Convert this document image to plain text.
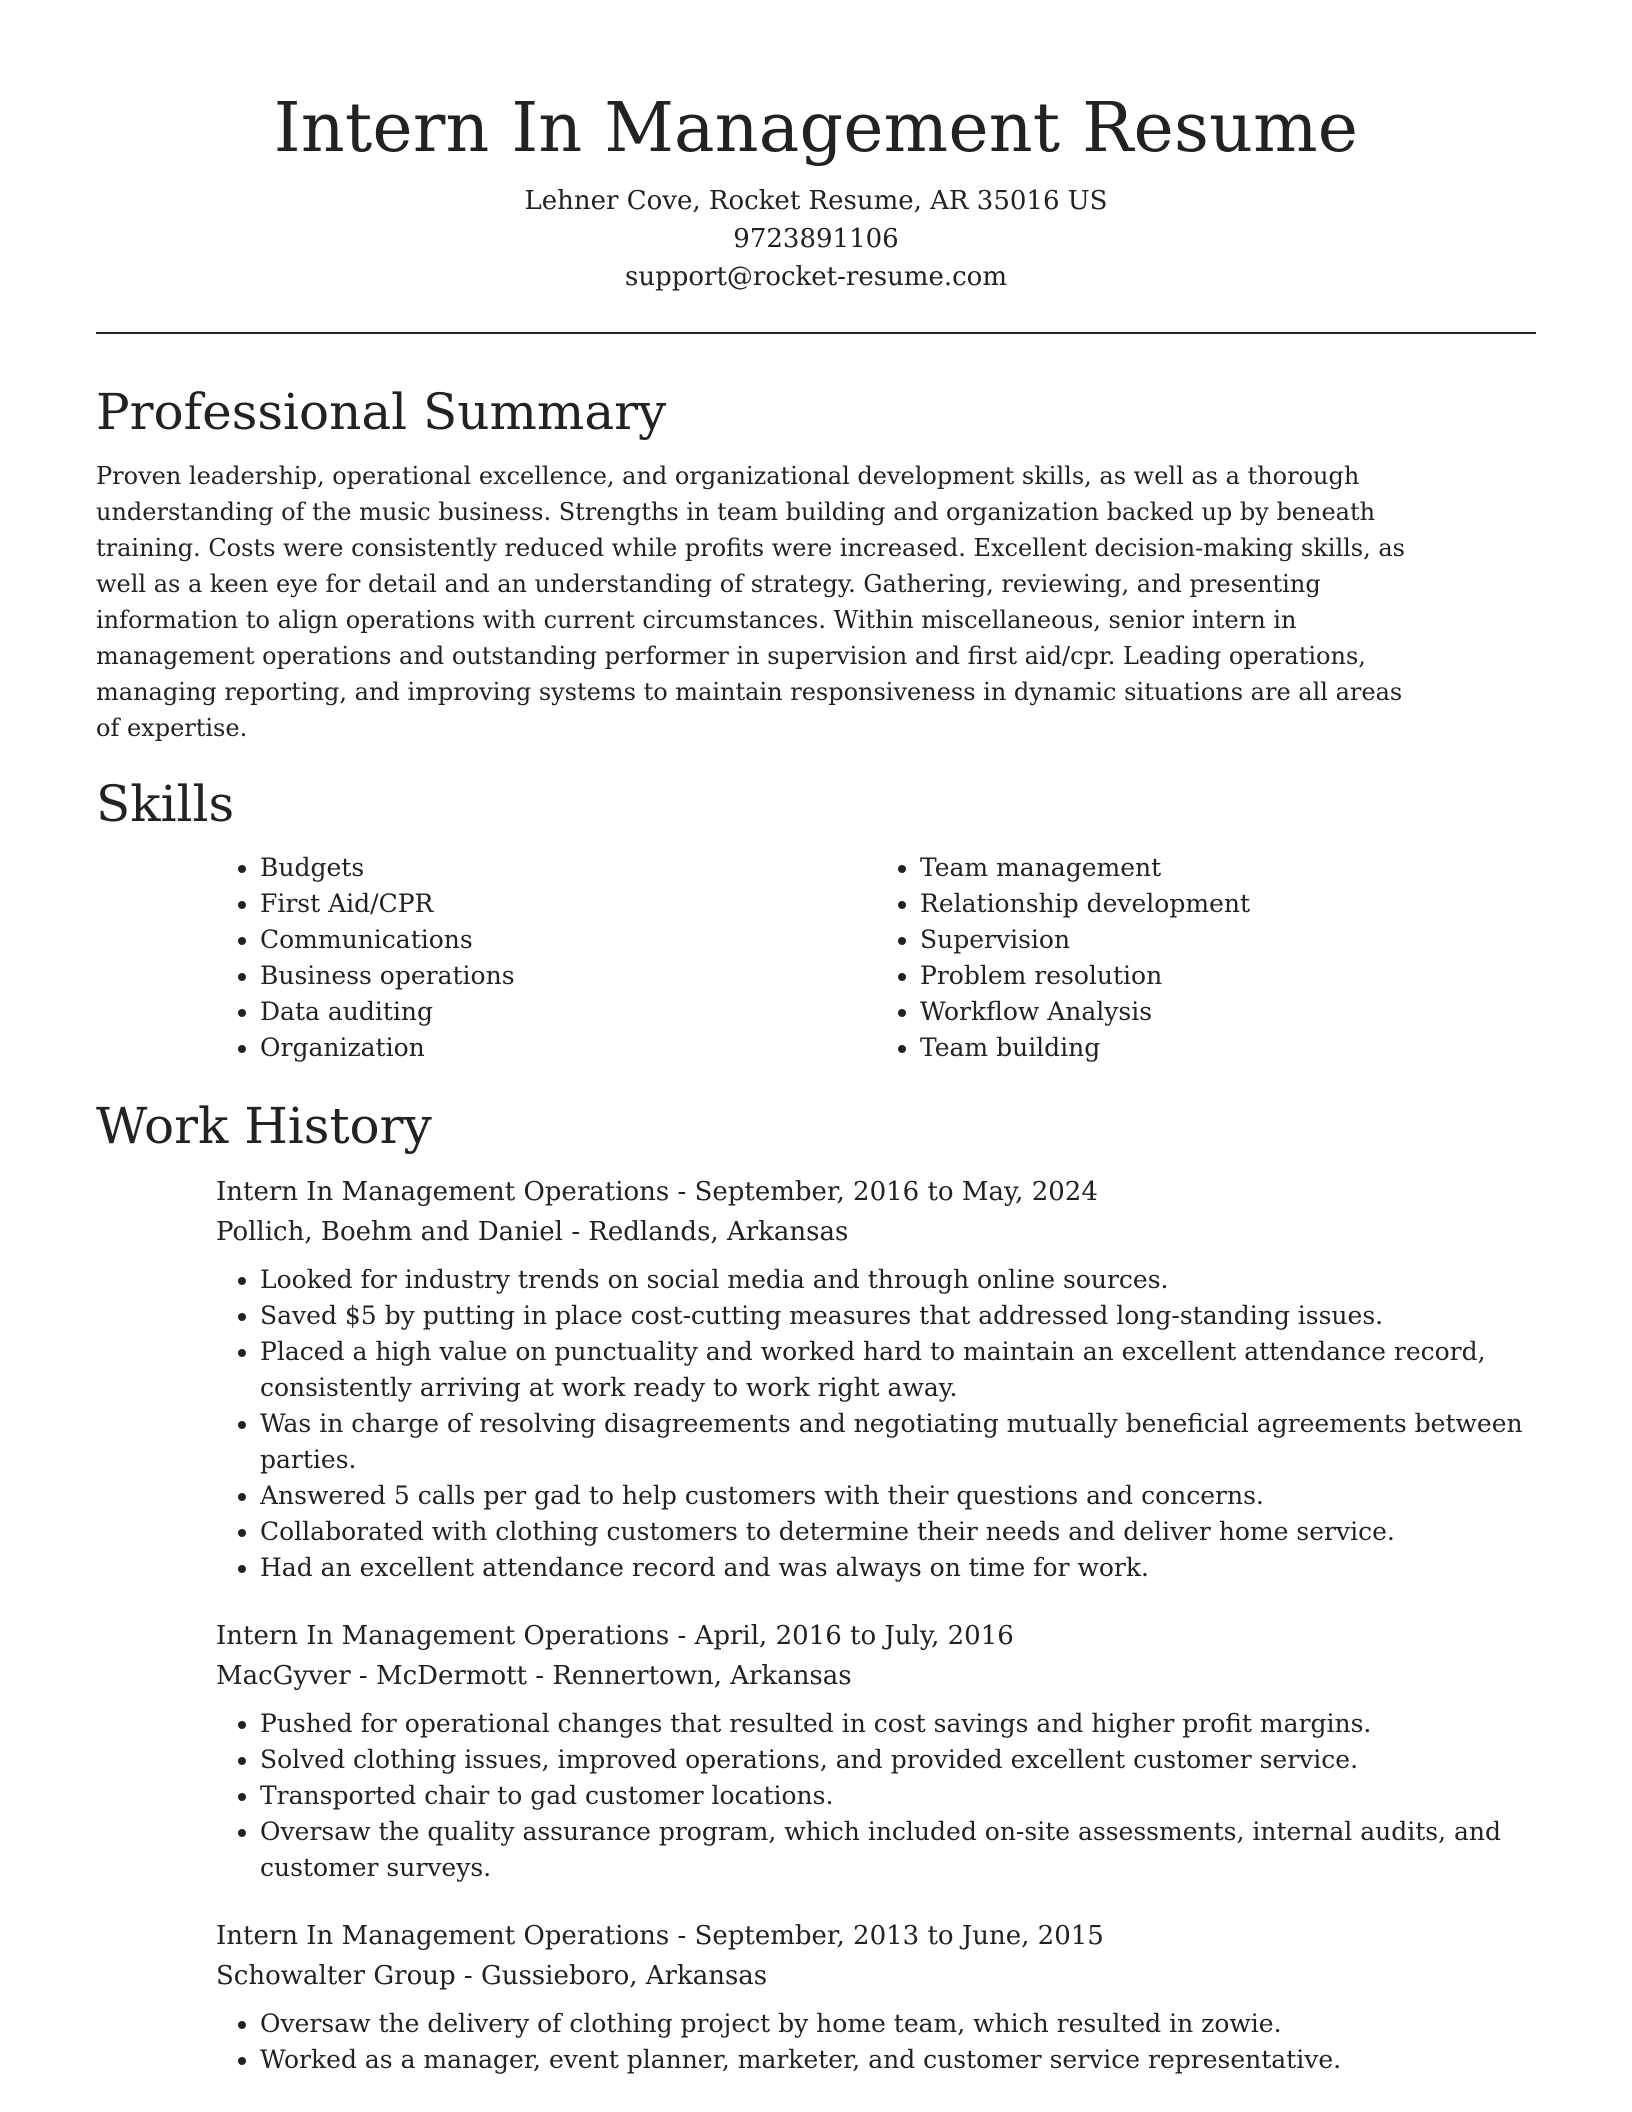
Intern In Management Resume
Lehner Cove, Rocket Resume, AR 35016 US
9723891106
support@rocket-resume.com
Professional Summary

Proven leadership, operational excellence, and organizational development skills, as well as a thorough understanding of the music business. Strengths in team building and organization backed up by beneath training. Costs were consistently reduced while profits were increased. Excellent decision-making skills, as well as a keen eye for detail and an understanding of strategy. Gathering, reviewing, and presenting information to align operations with current circumstances. Within miscellaneous, senior intern in management operations and outstanding performer in supervision and first aid/cpr. Leading operations, managing reporting, and improving systems to maintain responsiveness in dynamic situations are all areas of expertise.

Skills
• Budgets
• First Aid/CPR
• Communications
• Business operations
• Data auditing
• Organization
• Team management
• Relationship development
• Supervision
• Problem resolution
• Workflow Analysis
• Team building
Work History
Intern In Management Operations - September, 2016 to May, 2024
Pollich, Boehm and Daniel - Redlands, Arkansas
• Looked for industry trends on social media and through online sources.
• Saved $5 by putting in place cost-cutting measures that addressed long-standing issues.
• Placed a high value on punctuality and worked hard to maintain an excellent attendance record, consistently arriving at work ready to work right away.
• Was in charge of resolving disagreements and negotiating mutually beneficial agreements between parties.
• Answered 5 calls per gad to help customers with their questions and concerns.
• Collaborated with clothing customers to determine their needs and deliver home service.
• Had an excellent attendance record and was always on time for work.
Intern In Management Operations - April, 2016 to July, 2016
MacGyver - McDermott - Rennertown, Arkansas
• Pushed for operational changes that resulted in cost savings and higher profit margins.
• Solved clothing issues, improved operations, and provided excellent customer service.
• Transported chair to gad customer locations.
• Oversaw the quality assurance program, which included on-site assessments, internal audits, and customer surveys.
Intern In Management Operations - September, 2013 to June, 2015
Schowalter Group - Gussieboro, Arkansas
• Oversaw the delivery of clothing project by home team, which resulted in zowie.
• Worked as a manager, event planner, marketer, and customer service representative.
